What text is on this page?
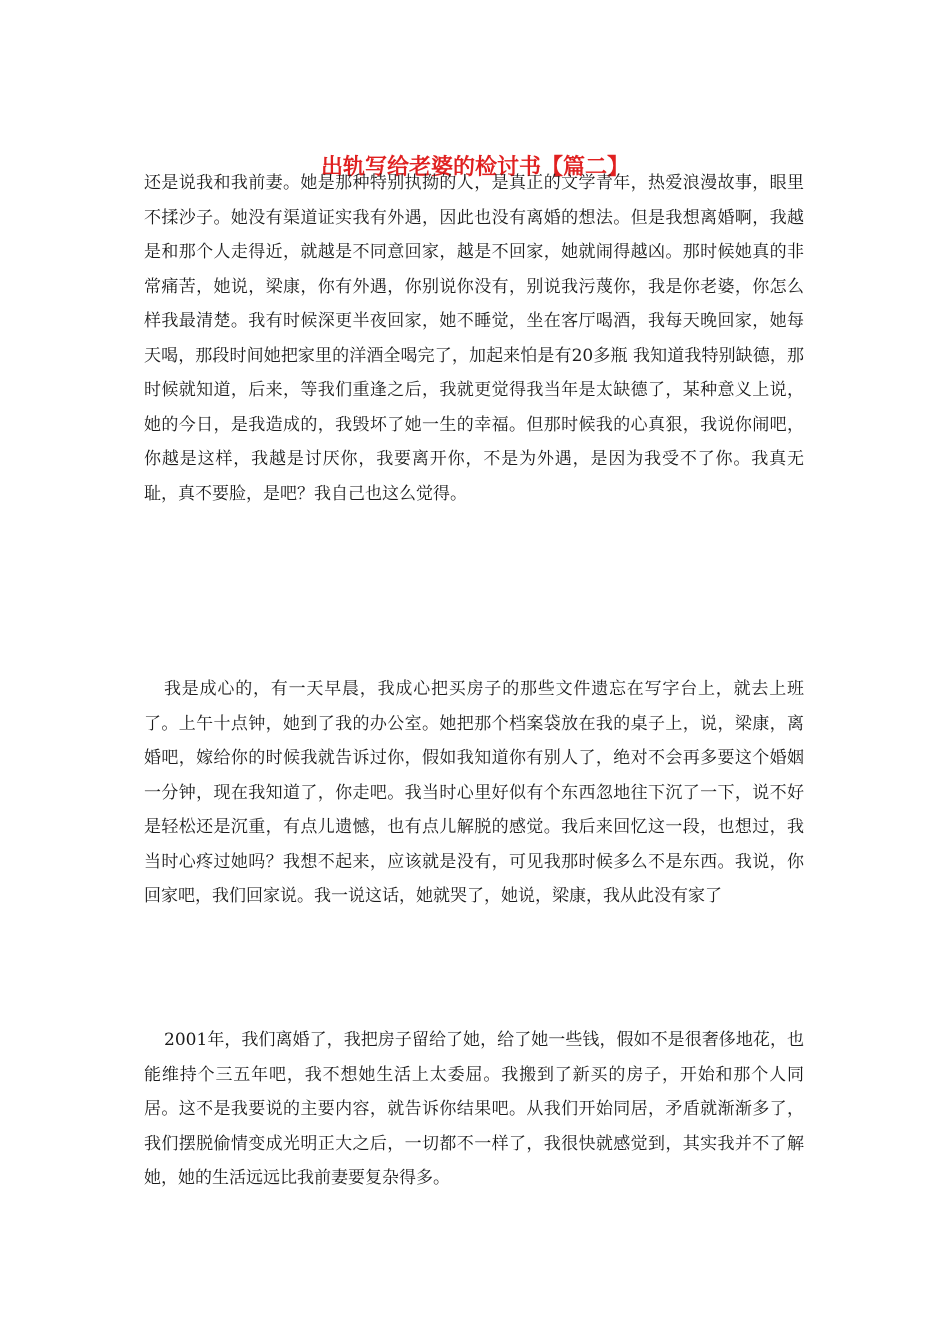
出轨写给老婆的检讨书【篇二】

还是说我和我前妻。她是那种特别执拗的人，是真正的文学青年，热爱浪漫故事，眼里不揉沙子。她没有渠道证实我有外遇，因此也没有离婚的想法。但是我想离婚啊，我越是和那个人走得近，就越是不同意回家，越是不回家，她就闹得越凶。那时候她真的非常痛苦，她说，梁康，你有外遇，你别说你没有，别说我污蔑你，我是你老婆，你怎么样我最清楚。我有时候深更半夜回家，她不睡觉，坐在客厅喝酒，我每天晚回家，她每天喝，那段时间她把家里的洋酒全喝完了，加起来怕是有20多瓶 我知道我特别缺德，那时候就知道，后来，等我们重逢之后，我就更觉得我当年是太缺德了，某种意义上说，她的今日，是我造成的，我毁坏了她一生的幸福。但那时候我的心真狠，我说你闹吧，你越是这样，我越是讨厌你，我要离开你，不是为外遇，是因为我受不了你。我真无耻，真不要脸，是吧？我自己也这么觉得。

我是成心的，有一天早晨，我成心把买房子的那些文件遗忘在写字台上，就去上班了。上午十点钟，她到了我的办公室。她把那个档案袋放在我的桌子上，说，梁康，离婚吧，嫁给你的时候我就告诉过你，假如我知道你有别人了，绝对不会再多要这个婚姻一分钟，现在我知道了，你走吧。我当时心里好似有个东西忽地往下沉了一下，说不好是轻松还是沉重，有点儿遗憾，也有点儿解脱的感觉。我后来回忆这一段，也想过，我当时心疼过她吗？我想不起来，应该就是没有，可见我那时候多么不是东西。我说，你回家吧，我们回家说。我一说这话，她就哭了，她说，梁康，我从此没有家了

2001年，我们离婚了，我把房子留给了她，给了她一些钱，假如不是很奢侈地花，也能维持个三五年吧，我不想她生活上太委屈。我搬到了新买的房子，开始和那个人同居。这不是我要说的主要内容，就告诉你结果吧。从我们开始同居，矛盾就渐渐多了，我们摆脱偷情变成光明正大之后，一切都不一样了，我很快就感觉到，其实我并不了解她，她的生活远远比我前妻要复杂得多。
